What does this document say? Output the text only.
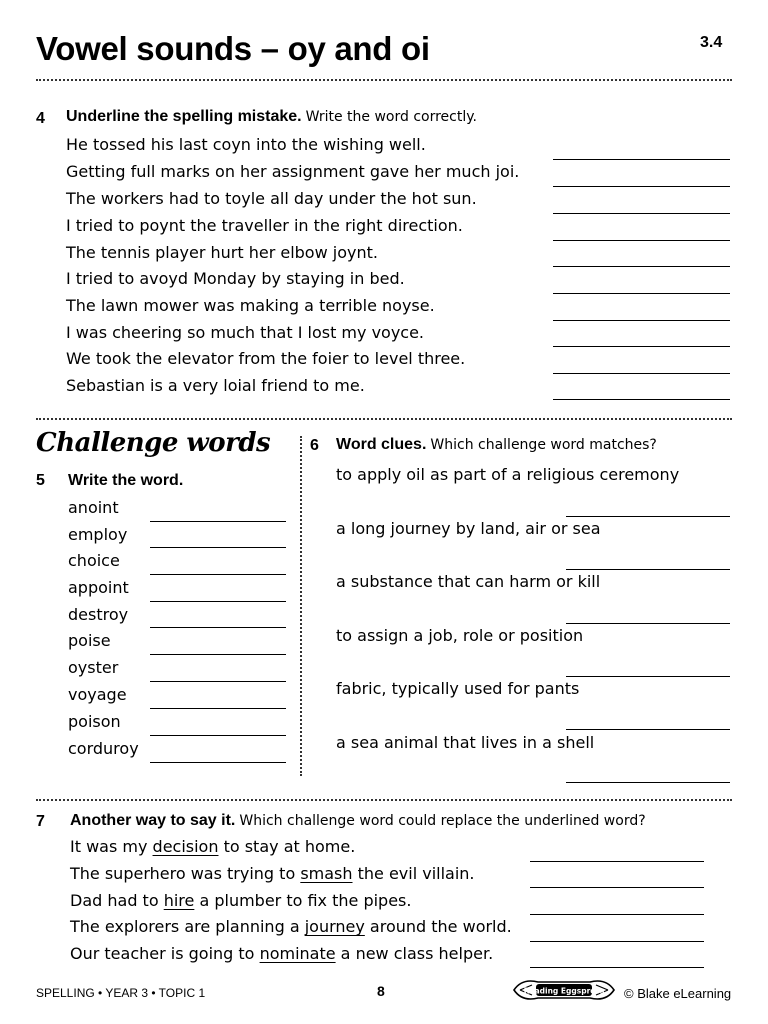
Vowel sounds – oy and oi	3.4
4 Underline the spelling mistake. Write the word correctly.
He tossed his last coyn into the wishing well.
Getting full marks on her assignment gave her much joi.
The workers had to toyle all day under the hot sun.
I tried to poynt the traveller in the right direction.
The tennis player hurt her elbow joynt.
I tried to avoyd Monday by staying in bed.
The lawn mower was making a terrible noyse.
I was cheering so much that I lost my voyce.
We took the elevator from the foier to level three.
Sebastian is a very loial friend to me.
Challenge words
5 Write the word.
anoint
employ
choice
appoint
destroy
poise
oyster
voyage
poison
corduroy
6 Word clues. Which challenge word matches?
to apply oil as part of a religious ceremony
a long journey by land, air or sea
a substance that can harm or kill
to assign a job, role or position
fabric, typically used for pants
a sea animal that lives in a shell
7 Another way to say it. Which challenge word could replace the underlined word?
It was my decision to stay at home.
The superhero was trying to smash the evil villain.
Dad had to hire a plumber to fix the pipes.
The explorers are planning a journey around the world.
Our teacher is going to nominate a new class helper.
SPELLING • YEAR 3 • TOPIC 1	8	Reading Eggspress © Blake eLearning
